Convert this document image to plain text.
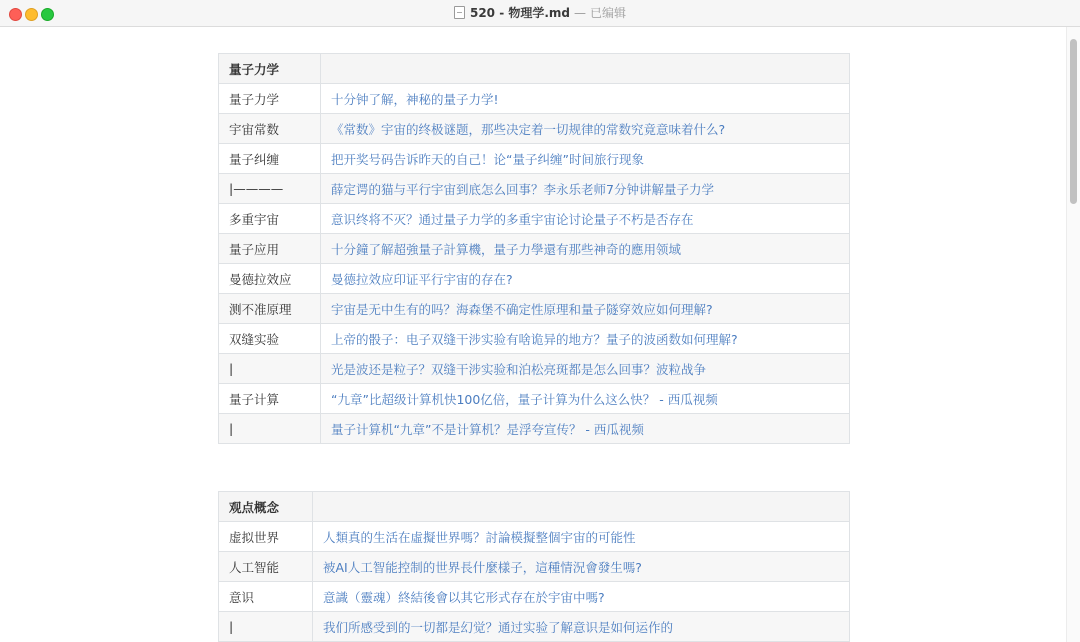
520 - 物理学.md — 已编辑
量子力学	
量子力学	十分钟了解，神秘的量子力学!
宇宙常数	《常数》宇宙的终极谜题，那些决定着一切规律的常数究竟意味着什么?
量子纠缠	把开奖号码告诉昨天的自己！论“量子纠缠”时间旅行现象
|————	薛定谔的猫与平行宇宙到底怎么回事？李永乐老师7分钟讲解量子力学
多重宇宙	意识终将不灭？通过量子力学的多重宇宙论讨论量子不朽是否存在
量子应用	十分鐘了解超強量子計算機，量子力學還有那些神奇的應用领域
曼德拉效应	曼德拉效应印证平行宇宙的存在?
测不准原理	宇宙是无中生有的吗？海森堡不确定性原理和量子隧穿效应如何理解?
双缝实验	上帝的骰子：电子双缝干涉实验有啥诡异的地方？量子的波函数如何理解?
|	光是波还是粒子？双缝干涉实验和泊松亮斑都是怎么回事？波粒战争
量子计算	“九章”比超级计算机快100亿倍，量子计算为什么这么快？ - 西瓜视频
|	量子计算机“九章”不是计算机？是浮夸宣传？ - 西瓜视频
观点概念	
虚拟世界	人類真的生活在虛擬世界嗎？討論模擬整個宇宙的可能性
人工智能	被AI人工智能控制的世界長什麼樣子，這種情況會發生嗎?
意识	意識（靈魂）終結後會以其它形式存在於宇宙中嗎?
|	我们所感受到的一切都是幻觉？通过实验了解意识是如何运作的
